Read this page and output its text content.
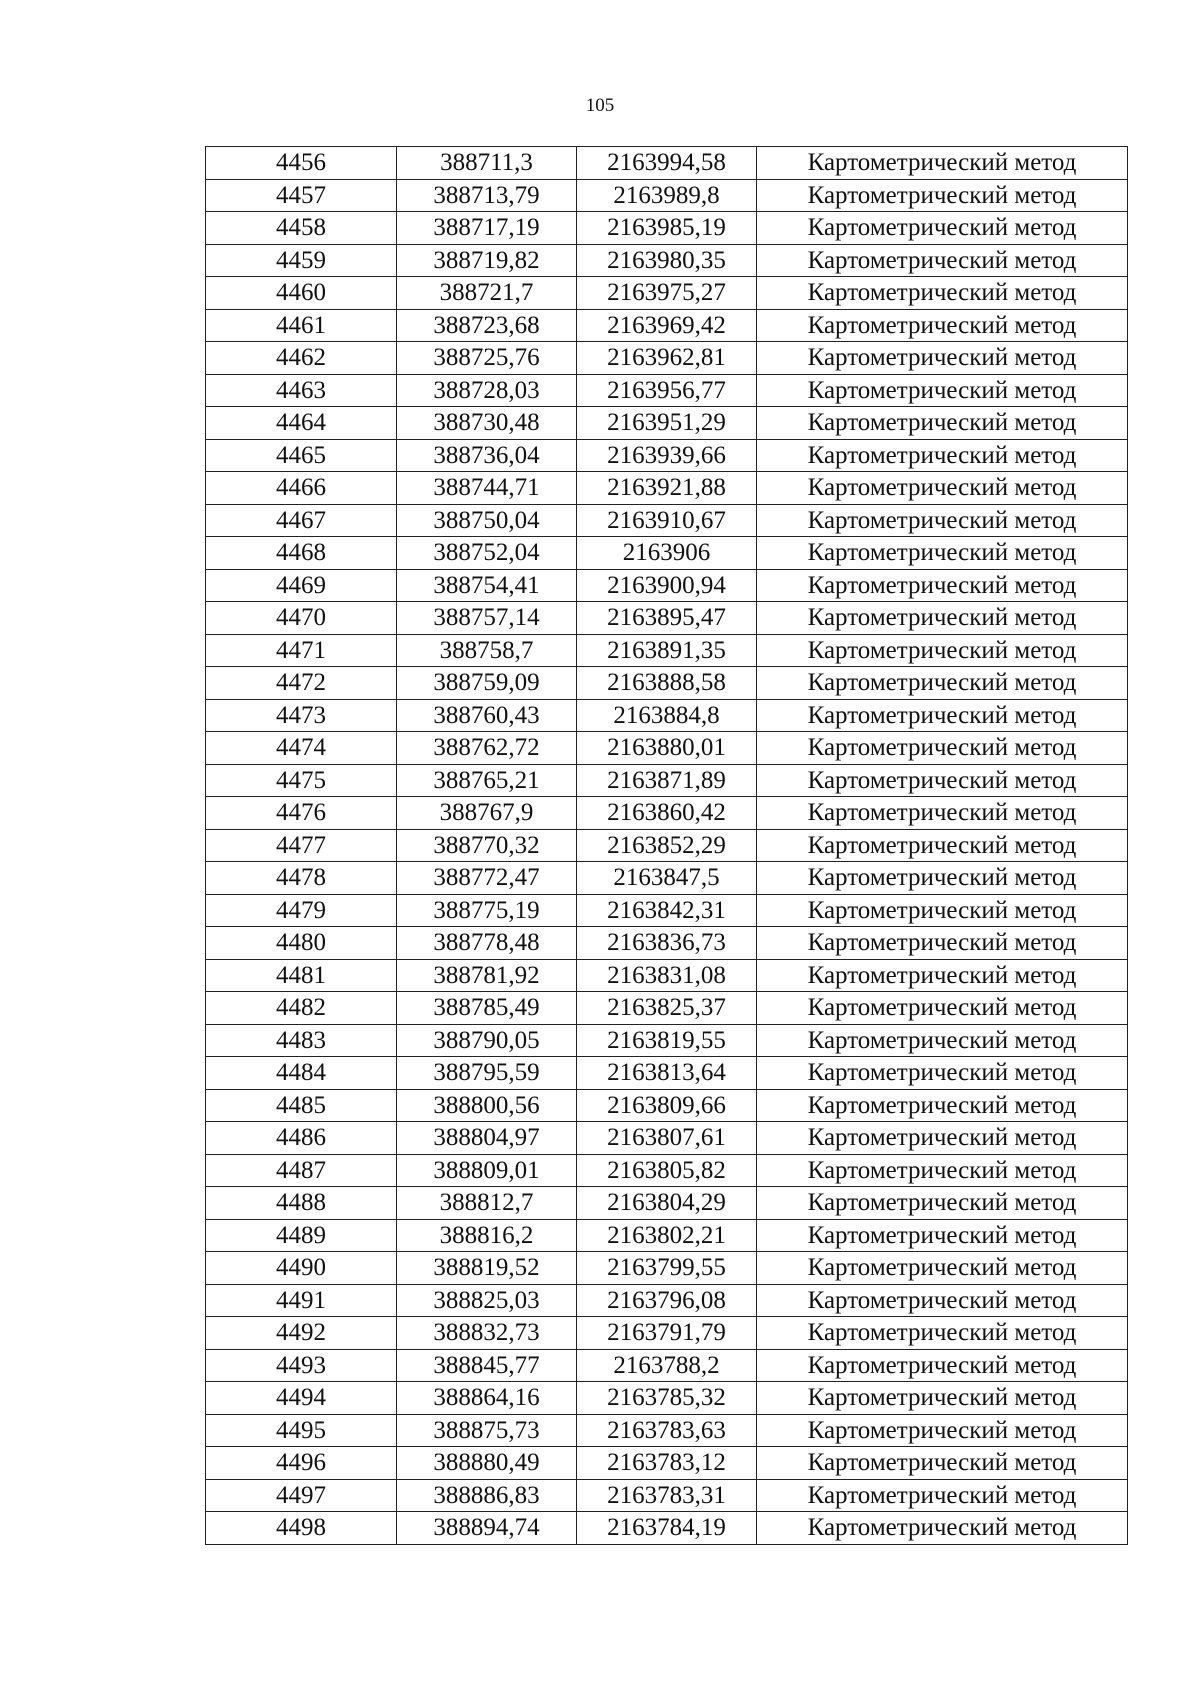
105
4456	388711,3	2163994,58	Картометрический метод
4457	388713,79	2163989,8	Картометрический метод
4458	388717,19	2163985,19	Картометрический метод
4459	388719,82	2163980,35	Картометрический метод
4460	388721,7	2163975,27	Картометрический метод
4461	388723,68	2163969,42	Картометрический метод
4462	388725,76	2163962,81	Картометрический метод
4463	388728,03	2163956,77	Картометрический метод
4464	388730,48	2163951,29	Картометрический метод
4465	388736,04	2163939,66	Картометрический метод
4466	388744,71	2163921,88	Картометрический метод
4467	388750,04	2163910,67	Картометрический метод
4468	388752,04	2163906	Картометрический метод
4469	388754,41	2163900,94	Картометрический метод
4470	388757,14	2163895,47	Картометрический метод
4471	388758,7	2163891,35	Картометрический метод
4472	388759,09	2163888,58	Картометрический метод
4473	388760,43	2163884,8	Картометрический метод
4474	388762,72	2163880,01	Картометрический метод
4475	388765,21	2163871,89	Картометрический метод
4476	388767,9	2163860,42	Картометрический метод
4477	388770,32	2163852,29	Картометрический метод
4478	388772,47	2163847,5	Картометрический метод
4479	388775,19	2163842,31	Картометрический метод
4480	388778,48	2163836,73	Картометрический метод
4481	388781,92	2163831,08	Картометрический метод
4482	388785,49	2163825,37	Картометрический метод
4483	388790,05	2163819,55	Картометрический метод
4484	388795,59	2163813,64	Картометрический метод
4485	388800,56	2163809,66	Картометрический метод
4486	388804,97	2163807,61	Картометрический метод
4487	388809,01	2163805,82	Картометрический метод
4488	388812,7	2163804,29	Картометрический метод
4489	388816,2	2163802,21	Картометрический метод
4490	388819,52	2163799,55	Картометрический метод
4491	388825,03	2163796,08	Картометрический метод
4492	388832,73	2163791,79	Картометрический метод
4493	388845,77	2163788,2	Картометрический метод
4494	388864,16	2163785,32	Картометрический метод
4495	388875,73	2163783,63	Картометрический метод
4496	388880,49	2163783,12	Картометрический метод
4497	388886,83	2163783,31	Картометрический метод
4498	388894,74	2163784,19	Картометрический метод
